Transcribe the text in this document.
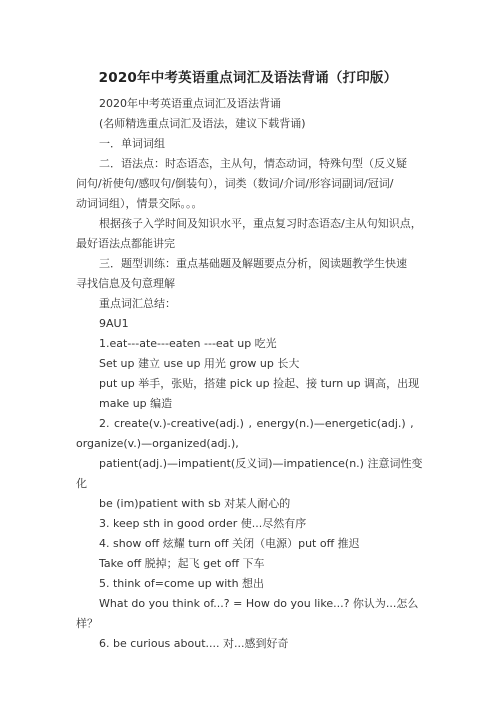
2020年中考英语重点词汇及语法背诵（打印版）
2020年中考英语重点词汇及语法背诵
(名师精选重点词汇及语法，建议下载背诵)
一．单词词组
二．语法点：时态语态，主从句，情态动词，特殊句型（反义疑
问句/祈使句/感叹句/倒装句），词类（数词/介词/形容词副词/冠词/
动词词组），情景交际。。。
根据孩子入学时间及知识水平，重点复习时态语态/主从句知识点，
最好语法点都能讲完
三．题型训练：重点基础题及解题要点分析，阅读题教学生快速
寻找信息及句意理解
重点词汇总结：
9AU1
1.eat---ate---eaten ---eat up 吃光
Set up 建立 use up 用光 grow up 长大
put up 举手，张贴，搭建 pick up 捡起、接 turn up 调高，出现
make up 编造
2. create(v.)-creative(adj.) , energy(n.)—energetic(adj.) ,
organize(v.)—organized(adj.),
patient(adj.)—impatient(反义词)—impatience(n.) 注意词性变
化
be (im)patient with sb 对某人耐心的
3. keep sth in good order 使...尽然有序
4. show off 炫耀 turn off 关闭（电源）put off 推迟
Take off 脱掉；起飞 get off 下车
5. think of=come up with 想出
What do you think of...? = How do you like...? 你认为...怎么
样？
6. be curious about.... 对...感到好奇
